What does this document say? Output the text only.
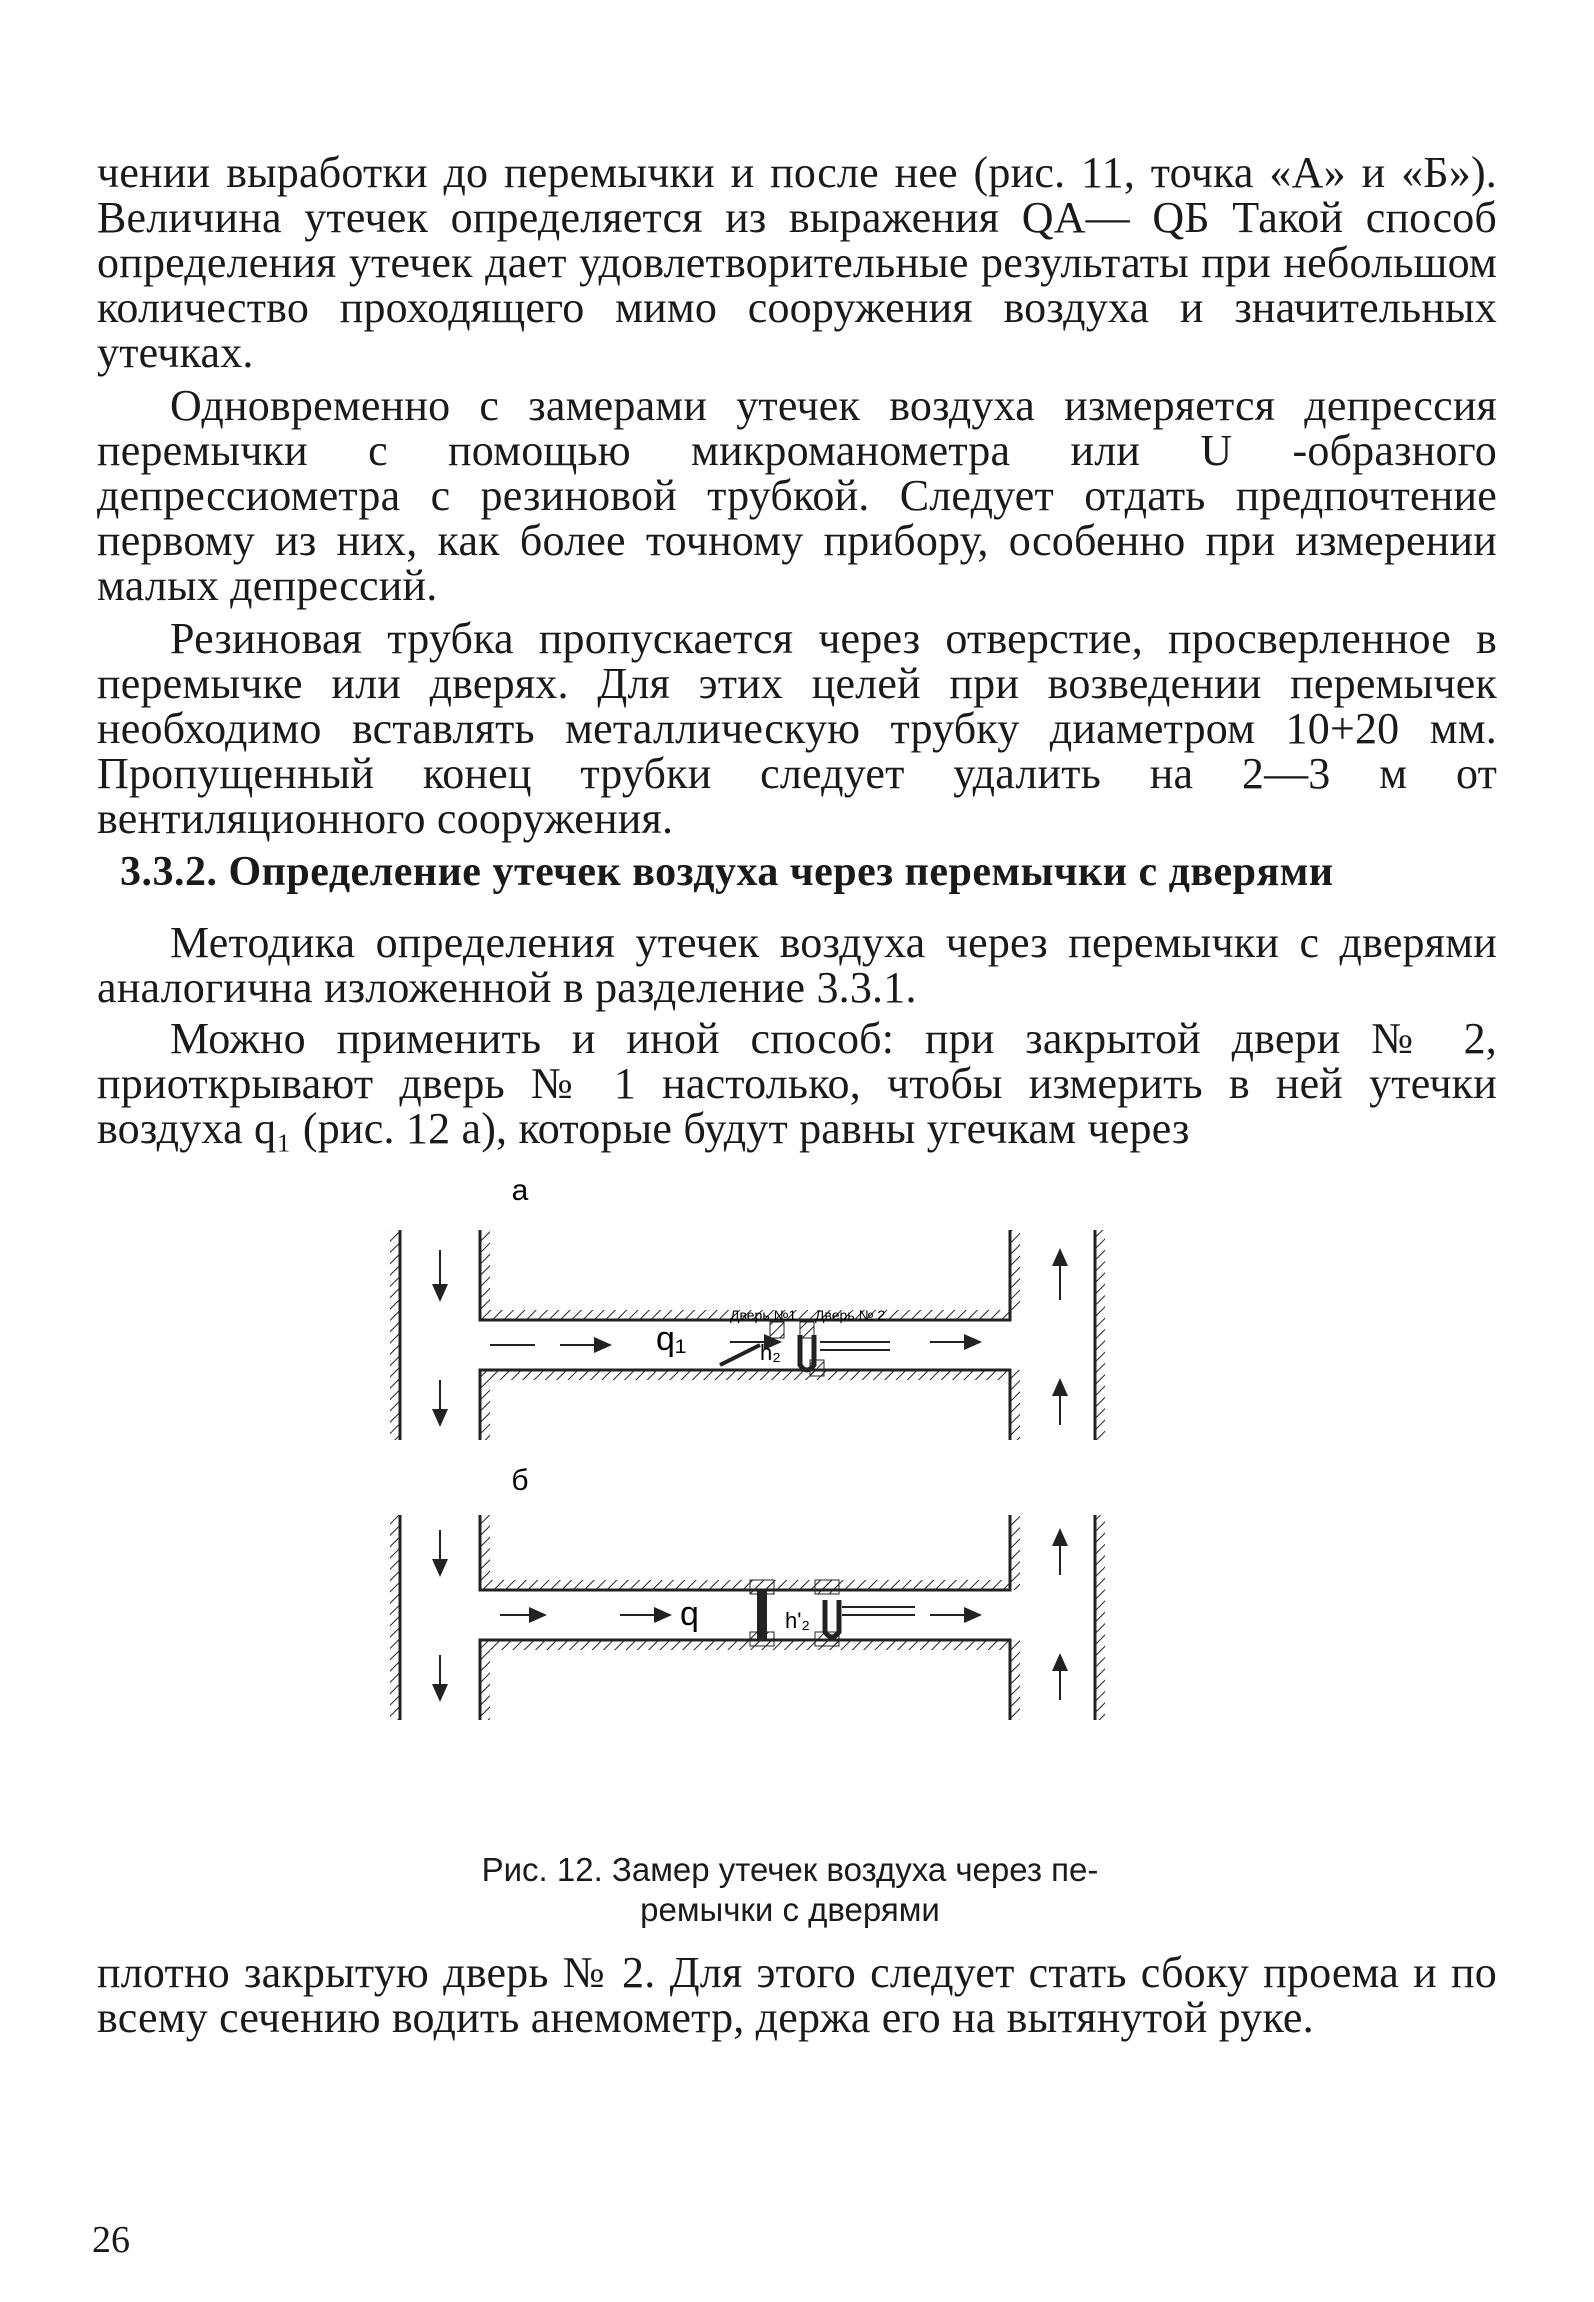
чении выработки до перемычки и после нее (рис. 11, точка «А» и «Б»). Величина утечек определяется из выражения QА— QБ Такой способ определения утечек дает удовлетворительные результаты при небольшом количество проходящего мимо сооружения воздуха и значительных утечках.

Одновременно с замерами утечек воздуха измеряется депрессия перемычки с помощью микроманометра или U -образного депрессиометра с резиновой трубкой. Следует отдать предпочтение первому из них, как более точному прибору, особенно при измерении малых депрессий.

Резиновая трубка пропускается через отверстие, просверленное в перемычке или дверях. Для этих целей при возведении перемычек необходимо вставлять металлическую трубку диаметром 10+20 мм. Пропущенный конец трубки следует удалить на 2—3 м от вентиляционного сооружения.

3.3.2. Определение утечек воздуха через перемычки с дверями

Методика определения утечек воздуха через перемычки с дверями аналогична изложенной в разделение 3.3.1.

Можно применить и иной способ: при закрытой двери № 2, приоткрывают дверь № 1 настолько, чтобы измерить в ней утечки воздуха q₁ (рис. 12 а), которые будут равны угечкам через

a
q₁	h₂
Дверь №1 Дверь № 2
б
q	h'₂

Рис. 12. Замер утечек воздуха через пе-

ремычки с дверями

плотно закрытую дверь № 2. Для этого следует стать сбоку проема и по всему сечению водить анемометр, держа его на вытянутой руке.

26
